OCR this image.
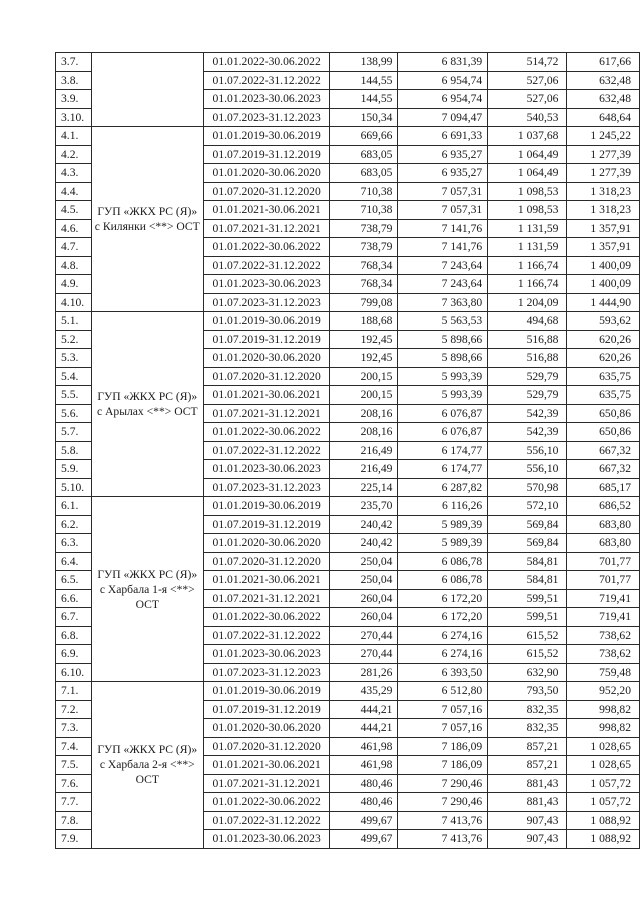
3.7.		01.01.2022-30.06.2022	138,99	6 831,39	514,72	617,66
3.8.		01.07.2022-31.12.2022	144,55	6 954,74	527,06	632,48
3.9.		01.01.2023-30.06.2023	144,55	6 954,74	527,06	632,48
3.10.		01.07.2023-31.12.2023	150,34	7 094,47	540,53	648,64
4.1.	ГУП «ЖКХ РС (Я)» с Килянки <**> ОСТ	01.01.2019-30.06.2019	669,66	6 691,33	1 037,68	1 245,22
4.2.		01.07.2019-31.12.2019	683,05	6 935,27	1 064,49	1 277,39
4.3.		01.01.2020-30.06.2020	683,05	6 935,27	1 064,49	1 277,39
4.4.		01.07.2020-31.12.2020	710,38	7 057,31	1 098,53	1 318,23
4.5.		01.01.2021-30.06.2021	710,38	7 057,31	1 098,53	1 318,23
4.6.		01.07.2021-31.12.2021	738,79	7 141,76	1 131,59	1 357,91
4.7.		01.01.2022-30.06.2022	738,79	7 141,76	1 131,59	1 357,91
4.8.		01.07.2022-31.12.2022	768,34	7 243,64	1 166,74	1 400,09
4.9.		01.01.2023-30.06.2023	768,34	7 243,64	1 166,74	1 400,09
4.10.		01.07.2023-31.12.2023	799,08	7 363,80	1 204,09	1 444,90
5.1.	ГУП «ЖКХ РС (Я)» с Арылах <**> ОСТ	01.01.2019-30.06.2019	188,68	5 563,53	494,68	593,62
5.2.		01.07.2019-31.12.2019	192,45	5 898,66	516,88	620,26
5.3.		01.01.2020-30.06.2020	192,45	5 898,66	516,88	620,26
5.4.		01.07.2020-31.12.2020	200,15	5 993,39	529,79	635,75
5.5.		01.01.2021-30.06.2021	200,15	5 993,39	529,79	635,75
5.6.		01.07.2021-31.12.2021	208,16	6 076,87	542,39	650,86
5.7.		01.01.2022-30.06.2022	208,16	6 076,87	542,39	650,86
5.8.		01.07.2022-31.12.2022	216,49	6 174,77	556,10	667,32
5.9.		01.01.2023-30.06.2023	216,49	6 174,77	556,10	667,32
5.10.		01.07.2023-31.12.2023	225,14	6 287,82	570,98	685,17
6.1.	ГУП «ЖКХ РС (Я)» с Харбала 1-я <**> ОСТ	01.01.2019-30.06.2019	235,70	6 116,26	572,10	686,52
6.2.		01.07.2019-31.12.2019	240,42	5 989,39	569,84	683,80
6.3.		01.01.2020-30.06.2020	240,42	5 989,39	569,84	683,80
6.4.		01.07.2020-31.12.2020	250,04	6 086,78	584,81	701,77
6.5.		01.01.2021-30.06.2021	250,04	6 086,78	584,81	701,77
6.6.		01.07.2021-31.12.2021	260,04	6 172,20	599,51	719,41
6.7.		01.01.2022-30.06.2022	260,04	6 172,20	599,51	719,41
6.8.		01.07.2022-31.12.2022	270,44	6 274,16	615,52	738,62
6.9.		01.01.2023-30.06.2023	270,44	6 274,16	615,52	738,62
6.10.		01.07.2023-31.12.2023	281,26	6 393,50	632,90	759,48
7.1.	ГУП «ЖКХ РС (Я)» с Харбала 2-я <**> ОСТ	01.01.2019-30.06.2019	435,29	6 512,80	793,50	952,20
7.2.		01.07.2019-31.12.2019	444,21	7 057,16	832,35	998,82
7.3.		01.01.2020-30.06.2020	444,21	7 057,16	832,35	998,82
7.4.		01.07.2020-31.12.2020	461,98	7 186,09	857,21	1 028,65
7.5.		01.01.2021-30.06.2021	461,98	7 186,09	857,21	1 028,65
7.6.		01.07.2021-31.12.2021	480,46	7 290,46	881,43	1 057,72
7.7.		01.01.2022-30.06.2022	480,46	7 290,46	881,43	1 057,72
7.8.		01.07.2022-31.12.2022	499,67	7 413,76	907,43	1 088,92
7.9.		01.01.2023-30.06.2023	499,67	7 413,76	907,43	1 088,92
